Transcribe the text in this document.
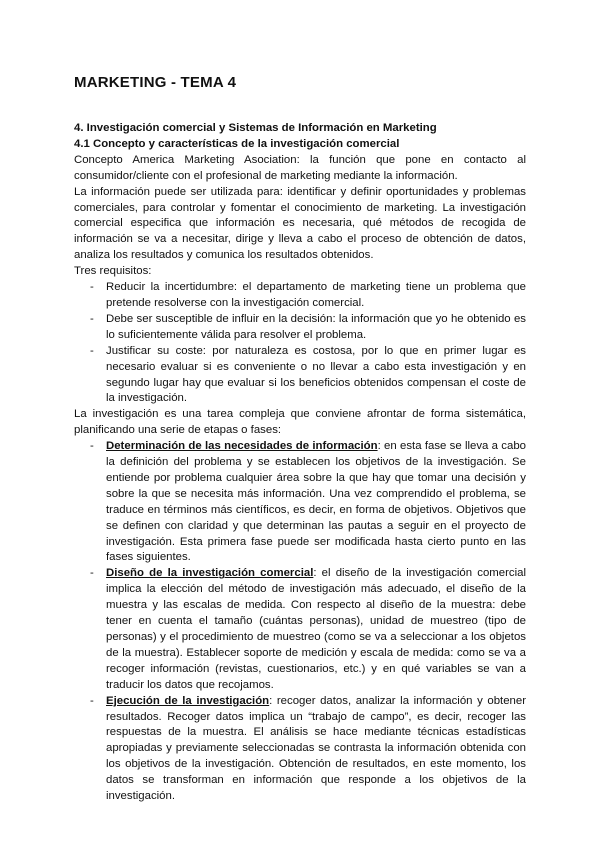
MARKETING - TEMA 4

4. Investigación comercial y Sistemas de Información en Marketing

4.1 Concepto y características de la investigación comercial

Concepto America Marketing Asociation: la función que pone en contacto al consumidor/cliente con el profesional de marketing mediante la información.

La información puede ser utilizada para: identificar y definir oportunidades y problemas comerciales, para controlar y fomentar el conocimiento de marketing. La investigación comercial especifica que información es necesaria, qué métodos de recogida de información se va a necesitar, dirige y lleva a cabo el proceso de obtención de datos, analiza los resultados y comunica los resultados obtenidos.

Tres requisitos:

- Reducir la incertidumbre: el departamento de marketing tiene un problema que pretende resolverse con la investigación comercial.
- Debe ser susceptible de influir en la decisión: la información que yo he obtenido es lo suficientemente válida para resolver el problema.
- Justificar su coste: por naturaleza es costosa, por lo que en primer lugar es necesario evaluar si es conveniente o no llevar a cabo esta investigación y en segundo lugar hay que evaluar si los beneficios obtenidos compensan el coste de la investigación.

La investigación es una tarea compleja que conviene afrontar de forma sistemática, planificando una serie de etapas o fases:

- Determinación de las necesidades de información: en esta fase se lleva a cabo la definición del problema y se establecen los objetivos de la investigación. Se entiende por problema cualquier área sobre la que hay que tomar una decisión y sobre la que se necesita más información. Una vez comprendido el problema, se traduce en términos más científicos, es decir, en forma de objetivos. Objetivos que se definen con claridad y que determinan las pautas a seguir en el proyecto de investigación. Esta primera fase puede ser modificada hasta cierto punto en las fases siguientes.
- Diseño de la investigación comercial: el diseño de la investigación comercial implica la elección del método de investigación más adecuado, el diseño de la muestra y las escalas de medida. Con respecto al diseño de la muestra: debe tener en cuenta el tamaño (cuántas personas), unidad de muestreo (tipo de personas) y el procedimiento de muestreo (como se va a seleccionar a los objetos de la muestra). Establecer soporte de medición y escala de medida: como se va a recoger información (revistas, cuestionarios, etc.) y en qué variables se van a traducir los datos que recojamos.
- Ejecución de la investigación: recoger datos, analizar la información y obtener resultados. Recoger datos implica un “trabajo de campo”, es decir, recoger las respuestas de la muestra. El análisis se hace mediante técnicas estadísticas apropiadas y previamente seleccionadas se contrasta la información obtenida con los objetivos de la investigación. Obtención de resultados, en este momento, los datos se transforman en información que responde a los objetivos de la investigación.
